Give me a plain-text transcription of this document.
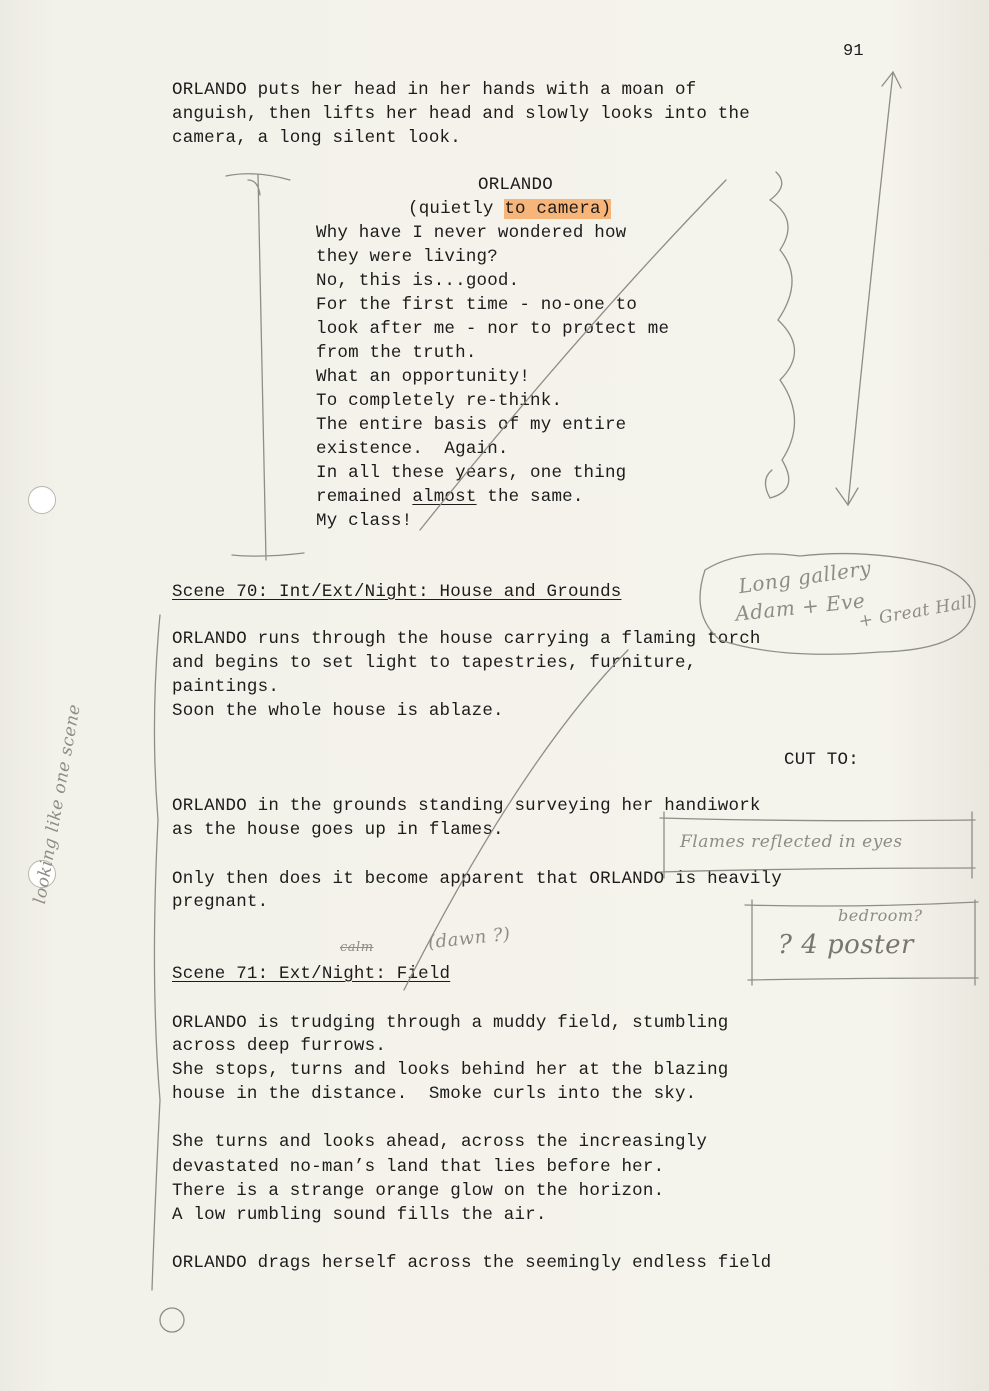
91
ORLANDO puts her head in her hands with a moan of
anguish, then lifts her head and slowly looks into the
camera, a long silent look.
ORLANDO
(quietly to camera)
Why have I never wondered how
they were living?
No, this is...good.
For the first time - no-one to
look after me - nor to protect me
from the truth.
What an opportunity!
To completely re-think.
The entire basis of my entire
existence.  Again.
In all these years, one thing
remained almost the same.
My class!
Scene 70: Int/Ext/Night: House and Grounds
ORLANDO runs through the house carrying a flaming torch
and begins to set light to tapestries, furniture,
paintings.
Soon the whole house is ablaze.
CUT TO:
ORLANDO in the grounds standing surveying her handiwork
as the house goes up in flames.
Only then does it become apparent that ORLANDO is heavily
pregnant.
Scene 71: Ext/Night: Field
ORLANDO is trudging through a muddy field, stumbling
across deep furrows.
She stops, turns and looks behind her at the blazing
house in the distance.  Smoke curls into the sky.
She turns and looks ahead, across the increasingly
devastated no-man’s land that lies before her.
There is a strange orange glow on the horizon.
A low rumbling sound fills the air.
ORLANDO drags herself across the seemingly endless field
Long gallery
Adam + Eve
+ Great Hall
Flames reflected in eyes
bedroom?
? 4 poster
(dawn ?)
calm
looking like one scene
